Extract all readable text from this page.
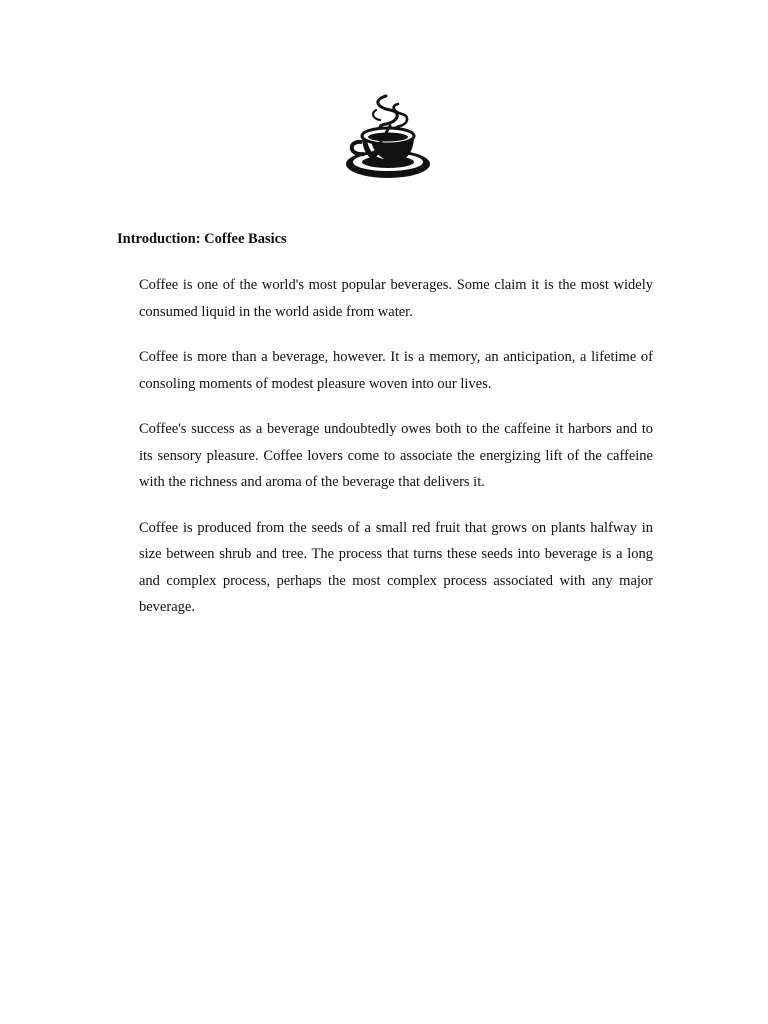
Introduction: Coffee Basics

Coffee is one of the world's most popular beverages. Some claim it is the most widely consumed liquid in the world aside from water.

Coffee is more than a beverage, however. It is a memory, an anticipation, a lifetime of consoling moments of modest pleasure woven into our lives.

Coffee's success as a beverage undoubtedly owes both to the caffeine it harbors and to its sensory pleasure. Coffee lovers come to associate the energizing lift of the caffeine with the richness and aroma of the beverage that delivers it.

Coffee is produced from the seeds of a small red fruit that grows on plants halfway in size between shrub and tree. The process that turns these seeds into beverage is a long and complex process, perhaps the most complex process associated with any major beverage.
